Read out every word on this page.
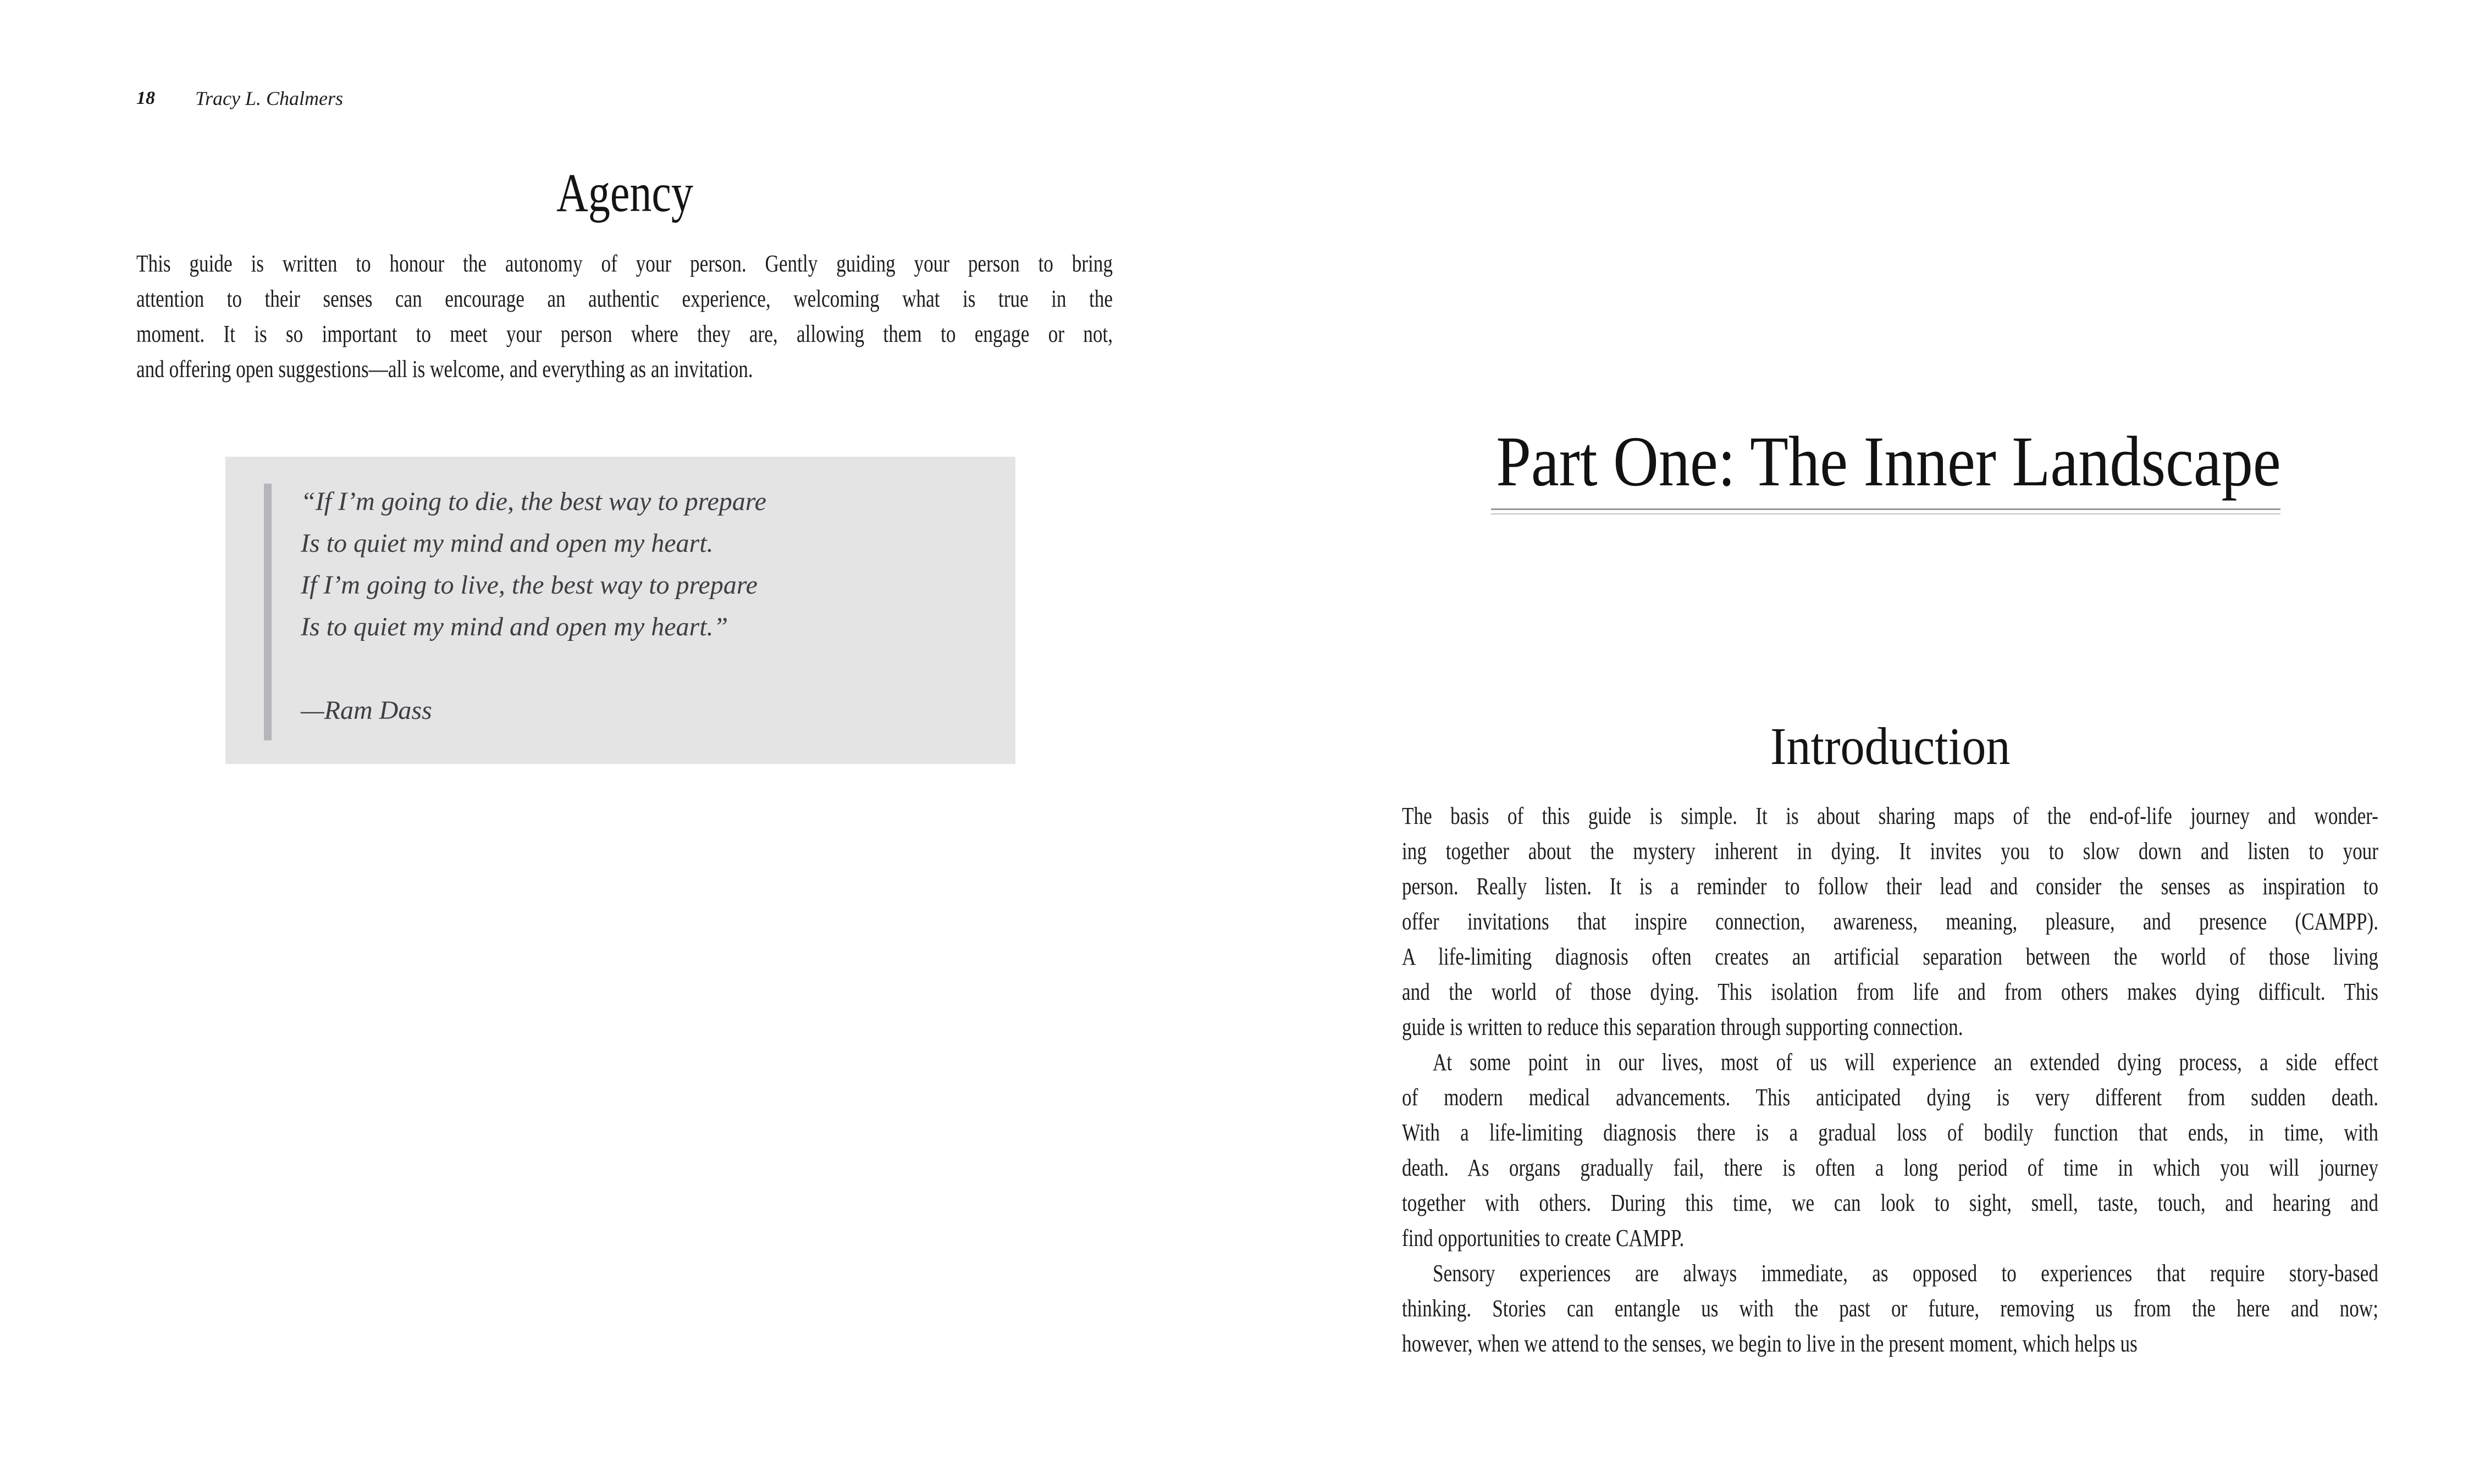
18 Tracy L. Chalmers
Agency
This guide is written to honour the autonomy of your person. Gently guiding your person to bring
attention to their senses can encourage an authentic experience, welcoming what is true in the
moment. It is so important to meet your person where they are, allowing them to engage or not,
and offering open suggestions—all is welcome, and everything as an invitation.
“If I’m going to die, the best way to prepare
Is to quiet my mind and open my heart.
If I’m going to live, the best way to prepare
Is to quiet my mind and open my heart.”
—Ram Dass
Part One: The Inner Landscape
Introduction
The basis of this guide is simple. It is about sharing maps of the end-of-life journey and wonder-
ing together about the mystery inherent in dying. It invites you to slow down and listen to your
person. Really listen. It is a reminder to follow their lead and consider the senses as inspiration to
offer invitations that inspire connection, awareness, meaning, pleasure, and presence (CAMPP).
A life-limiting diagnosis often creates an artificial separation between the world of those living
and the world of those dying. This isolation from life and from others makes dying difficult. This
guide is written to reduce this separation through supporting connection.
At some point in our lives, most of us will experience an extended dying process, a side effect
of modern medical advancements. This anticipated dying is very different from sudden death.
With a life-limiting diagnosis there is a gradual loss of bodily function that ends, in time, with
death. As organs gradually fail, there is often a long period of time in which you will journey
together with others. During this time, we can look to sight, smell, taste, touch, and hearing and
find opportunities to create CAMPP.
Sensory experiences are always immediate, as opposed to experiences that require story-based
thinking. Stories can entangle us with the past or future, removing us from the here and now;
however, when we attend to the senses, we begin to live in the present moment, which helps us
